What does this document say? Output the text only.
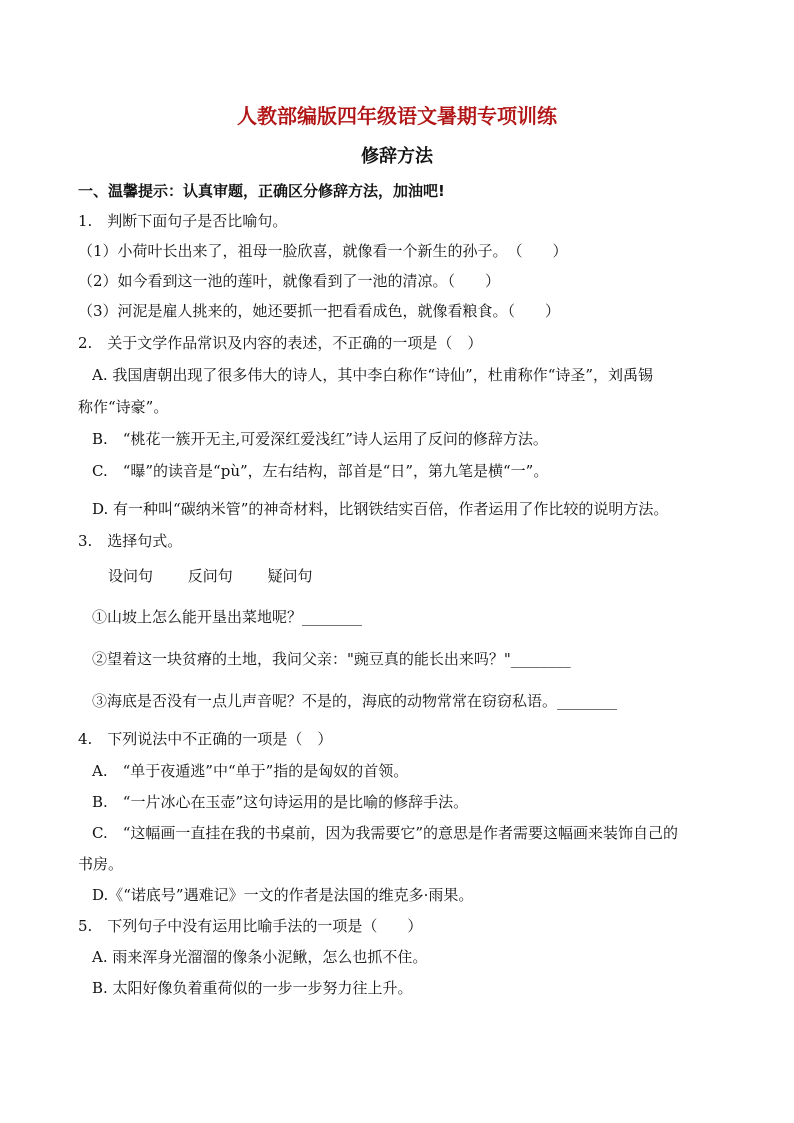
人教部编版四年级语文暑期专项训练
修辞方法
一、温馨提示：认真审题，正确区分修辞方法，加油吧!
1.　判断下面句子是否比喻句。
（1）小荷叶长出来了，祖母一脸欣喜，就像看一个新生的孙子。　（　　）
（2）如今看到这一池的莲叶，就像看到了一池的清凉。（　　）
（3）河泥是雇人挑来的，她还要抓一把看看成色，就像看粮食。（　　）
2.　关于文学作品常识及内容的表述，不正确的一项是（　）
A. 我国唐朝出现了很多伟大的诗人，其中李白称作“诗仙”，杜甫称作“诗圣”，刘禹锡
称作“诗豪”。
B.　“桃花一簇开无主,可爱深红爱浅红”诗人运用了反问的修辞方法。
C.　“曝”的读音是“pù”，左右结构，部首是“日”，第九笔是横“一”。
D. 有一种叫“碳纳米管”的神奇材料，比钢铁结实百倍，作者运用了作比较的说明方法。
3.　选择句式。
设问句　　 反问句　　 疑问句
①山坡上怎么能开垦出菜地呢？________
②望着这一块贫瘠的土地，我问父亲："豌豆真的能长出来吗？"________
③海底是否没有一点儿声音呢？不是的，海底的动物常常在窃窃私语。________
4.　下列说法中不正确的一项是（　）
A.　“单于夜遁逃”中“单于”指的是匈奴的首领。
B.　“一片冰心在玉壶”这句诗运用的是比喻的修辞手法。
C.　“这幅画一直挂在我的书桌前，因为我需要它”的意思是作者需要这幅画来装饰自己的
书房。
D.《“诺底号”遇难记》一文的作者是法国的维克多·雨果。
5.　下列句子中没有运用比喻手法的一项是（　　）
A. 雨来浑身光溜溜的像条小泥鳅，怎么也抓不住。
B. 太阳好像负着重荷似的一步一步努力往上升。
